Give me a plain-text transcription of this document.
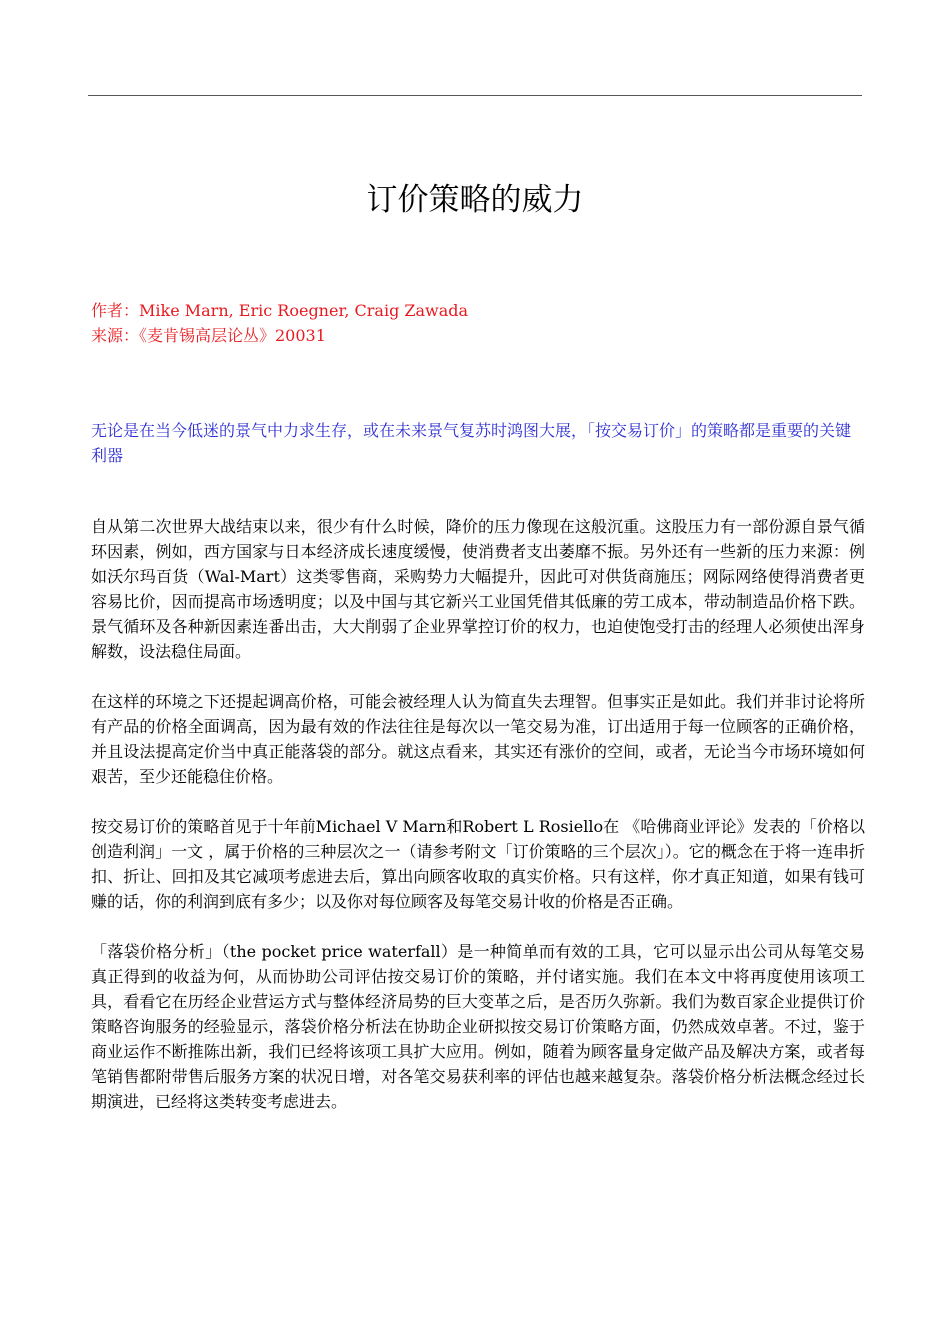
订价策略的威力
作者：Mike Marn, Eric Roegner, Craig Zawada
来源：《麦肯锡高层论丛》20031

无论是在当今低迷的景气中力求生存，或在未来景气复苏时鸿图大展，「按交易订价」的策略都是重要的关键利器

自从第二次世界大战结束以来，很少有什么时候，降价的压力像现在这般沉重。这股压力有一部份源自景气循环因素，例如，西方国家与日本经济成长速度缓慢，使消费者支出萎靡不振。另外还有一些新的压力来源：例如沃尔玛百货（Wal-Mart）这类零售商，采购势力大幅提升，因此可对供货商施压；网际网络使得消费者更容易比价，因而提高市场透明度；以及中国与其它新兴工业国凭借其低廉的劳工成本，带动制造品价格下跌。景气循环及各种新因素连番出击，大大削弱了企业界掌控订价的权力，也迫使饱受打击的经理人必须使出浑身解数，设法稳住局面。

在这样的环境之下还提起调高价格，可能会被经理人认为简直失去理智。但事实正是如此。我们并非讨论将所有产品的价格全面调高，因为最有效的作法往往是每次以一笔交易为准，订出适用于每一位顾客的正确价格，并且设法提高定价当中真正能落袋的部分。就这点看来，其实还有涨价的空间，或者，无论当今市场环境如何艰苦，至少还能稳住价格。

按交易订价的策略首见于十年前Michael V Marn和Robert L Rosiello在 《哈佛商业评论》发表的「价格以创造利润」一文 ，属于价格的三种层次之一（请参考附文「订价策略的三个层次」）。它的概念在于将一连串折扣、折让、回扣及其它减项考虑进去后，算出向顾客收取的真实价格。只有这样，你才真正知道，如果有钱可赚的话，你的利润到底有多少；以及你对每位顾客及每笔交易计收的价格是否正确。

「落袋价格分析」（the pocket price waterfall）是一种简单而有效的工具，它可以显示出公司从每笔交易真正得到的收益为何，从而协助公司评估按交易订价的策略，并付诸实施。我们在本文中将再度使用该项工具，看看它在历经企业营运方式与整体经济局势的巨大变革之后，是否历久弥新。我们为数百家企业提供订价策略咨询服务的经验显示，落袋价格分析法在协助企业研拟按交易订价策略方面，仍然成效卓著。不过，鉴于商业运作不断推陈出新，我们已经将该项工具扩大应用。例如，随着为顾客量身定做产品及解决方案，或者每笔销售都附带售后服务方案的状况日增，对各笔交易获利率的评估也越来越复杂。落袋价格分析法概念经过长期演进，已经将这类转变考虑进去。
